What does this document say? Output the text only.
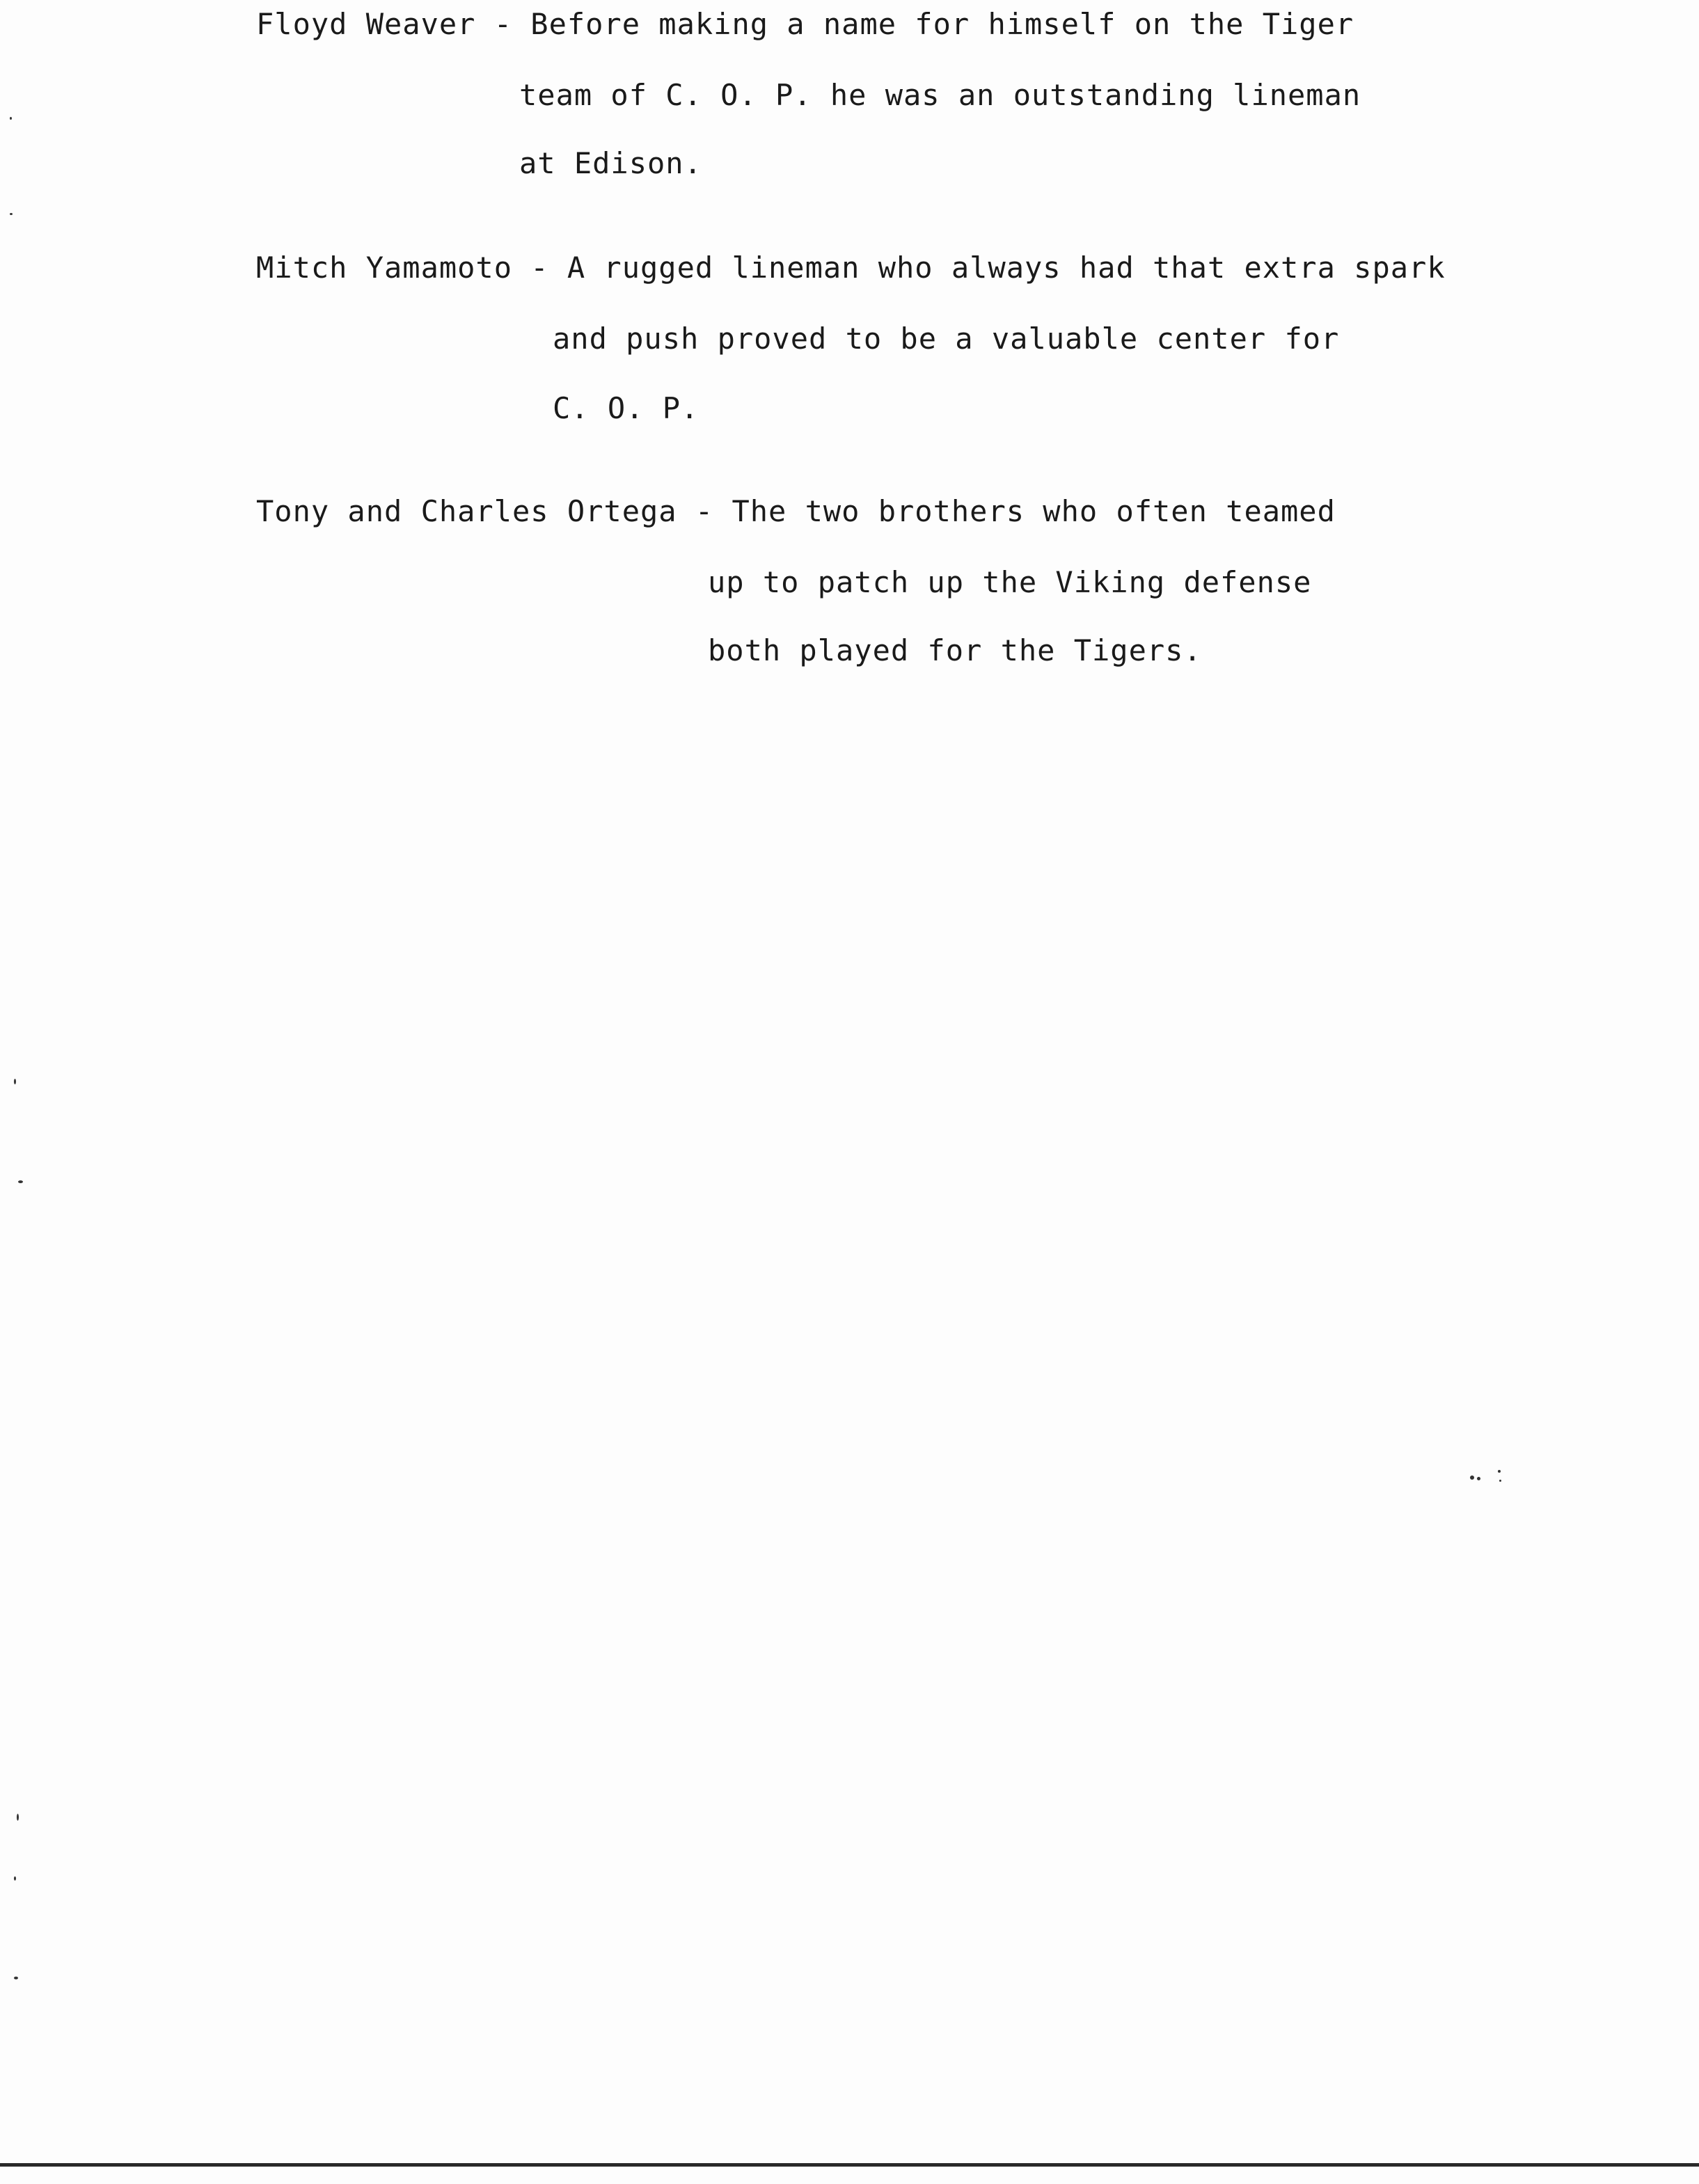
Floyd Weaver - Before making a name for himself on the Tiger
team of C. O. P. he was an outstanding lineman
at Edison.
Mitch Yamamoto - A rugged lineman who always had that extra spark
and push proved to be a valuable center for
C. O. P.
Tony and Charles Ortega - The two brothers who often teamed
up to patch up the Viking defense
both played for the Tigers.
